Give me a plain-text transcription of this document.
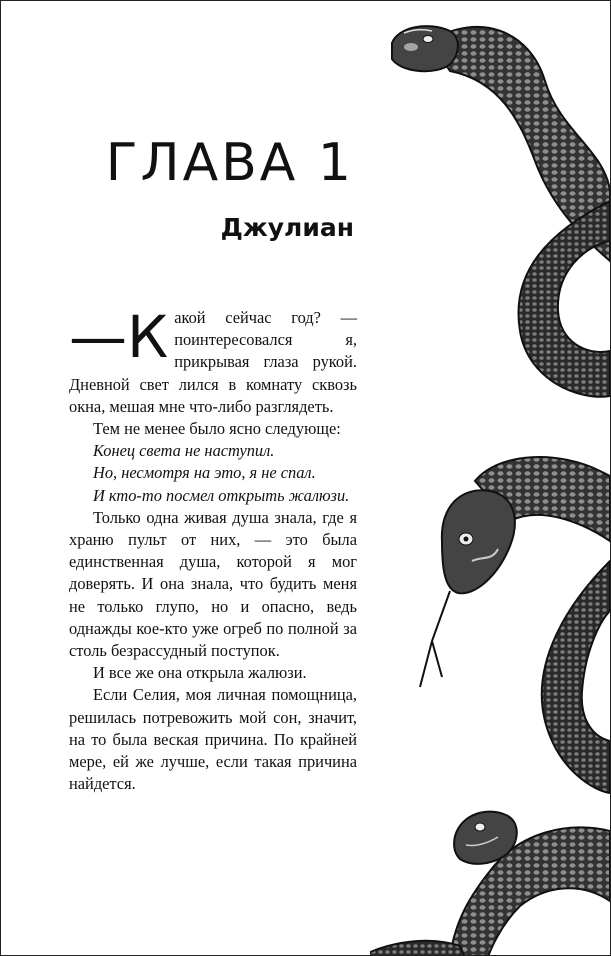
ГЛАВА 1
Джулиан

—К акой сейчас год? — поинтересовался я, прикрывая глаза рукой. Дневной свет лился в комнату сквозь окна, мешая мне что-либо разглядеть.

Тем не менее было ясно следующе:

Конец света не наступил.

Но, несмотря на это, я не спал.

И кто-то посмел открыть жалюзи.

Только одна живая душа знала, где я храню пульт от них, — это была единственная душа, которой я мог доверять. И она знала, что будить меня не только глупо, но и опасно, ведь однажды кое-кто уже огреб по полной за столь безрассудный поступок.

И все же она открыла жалюзи.

Если Селия, моя личная помощница, решилась потревожить мой сон, значит, на то была веская причина. По крайней мере, ей же лучше, если такая причина найдется.
